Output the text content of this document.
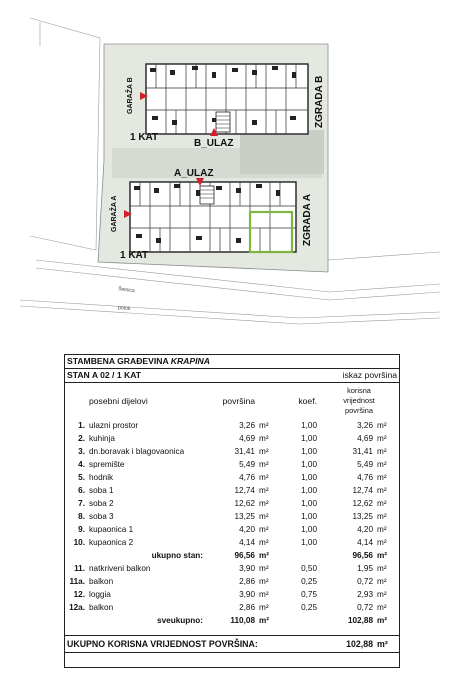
B_ULAZ
A_ULAZ
1 KAT
1 KAT
ZGRADA B
ZGRADA A
GARAŽA B
GARAŽA A
Šetnica
potok
STAMBENA GRAĐEVINA KRAPINA						
STAN A 02 / 1 KAT				iskaz površina		
	posebni dijelovi	površina		koef.	korisna
vrijednost
površina	

1.	ulazni prostor	3,26	m²	1,00	3,26	m²
2.	kuhinja	4,69	m²	1,00	4,69	m²
3.	dn.boravak i blagovaonica	31,41	m²	1,00	31,41	m²
4.	spremište	5,49	m²	1,00	5,49	m²
5.	hodnik	4,76	m²	1,00	4,76	m²
6.	soba 1	12,74	m²	1,00	12,74	m²
7.	soba 2	12,62	m²	1,00	12,62	m²
8.	soba 3	13,25	m²	1,00	13,25	m²
9.	kupaonica 1	4,20	m²	1,00	4,20	m²
10.	kupaonica 2	4,14	m²	1,00	4,14	m²
	ukupno stan:	96,56	m²		96,56	m²
11.	natkriveni balkon	3,90	m²	0,50	1,95	m²
11a.	balkon	2,86	m²	0,25	0,72	m²
12.	loggia	3,90	m²	0,75	2,93	m²
12a.	balkon	2,86	m²	0,25	0,72	m²
	sveukupno:	110,08	m²		102,88	m²

UKUPNO KORISNA VRIJEDNOST POVRŠINA:					102,88	m²
